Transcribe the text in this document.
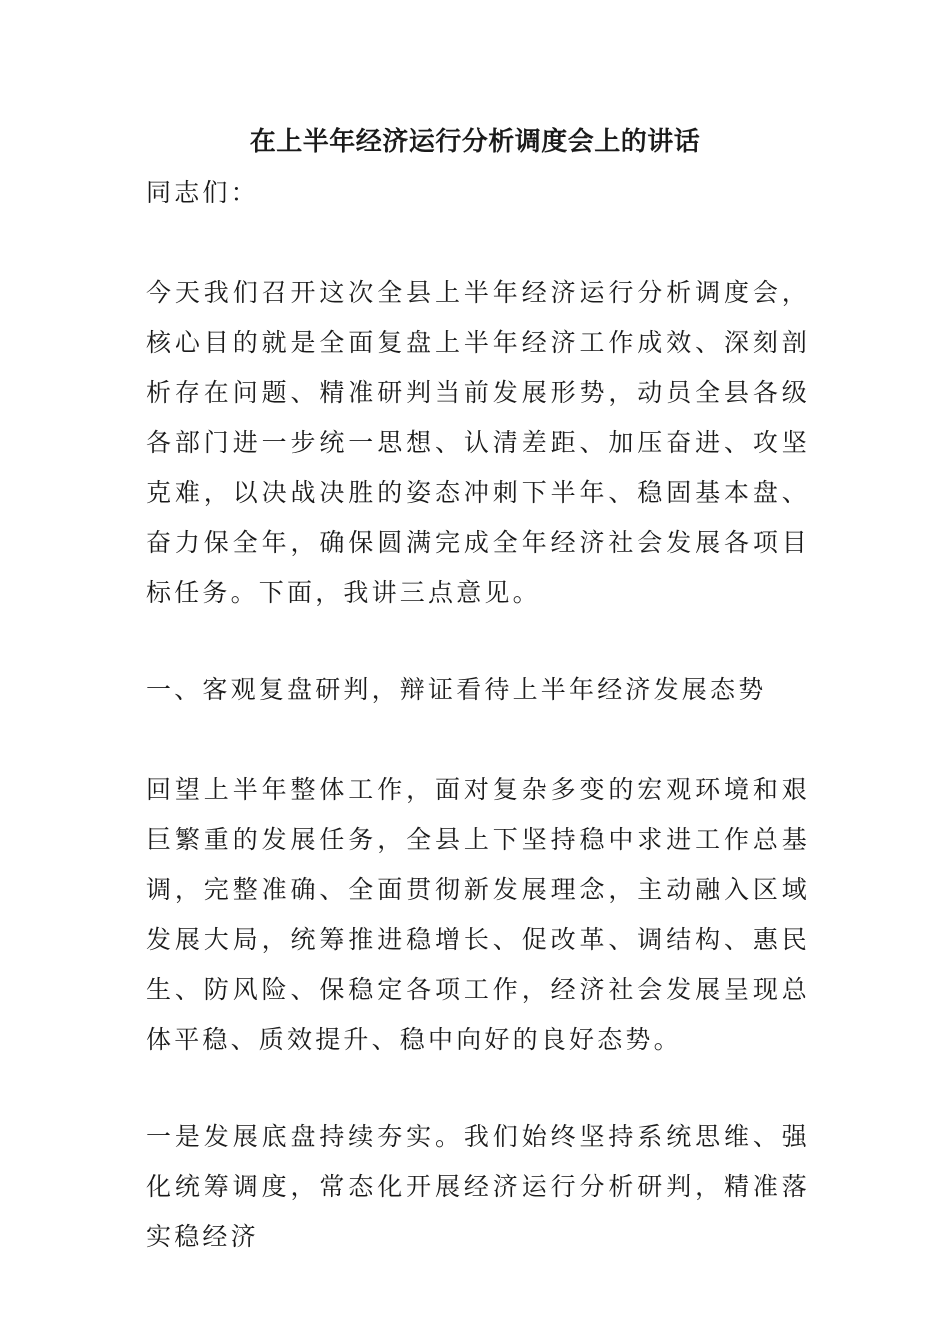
在上半年经济运行分析调度会上的讲话

同志们：

今天我们召开这次全县上半年经济运行分析调度会，核心目的就是全面复盘上半年经济工作成效、深刻剖析存在问题、精准研判当前发展形势，动员全县各级各部门进一步统一思想、认清差距、加压奋进、攻坚克难，以决战决胜的姿态冲刺下半年、稳固基本盘、奋力保全年，确保圆满完成全年经济社会发展各项目标任务。下面，我讲三点意见。

一、客观复盘研判，辩证看待上半年经济发展态势

回望上半年整体工作，面对复杂多变的宏观环境和艰巨繁重的发展任务，全县上下坚持稳中求进工作总基调，完整准确、全面贯彻新发展理念，主动融入区域发展大局，统筹推进稳增长、促改革、调结构、惠民生、防风险、保稳定各项工作，经济社会发展呈现总体平稳、质效提升、稳中向好的良好态势。

一是发展底盘持续夯实。我们始终坚持系统思维、强化统筹调度，常态化开展经济运行分析研判，精准落实稳经济
